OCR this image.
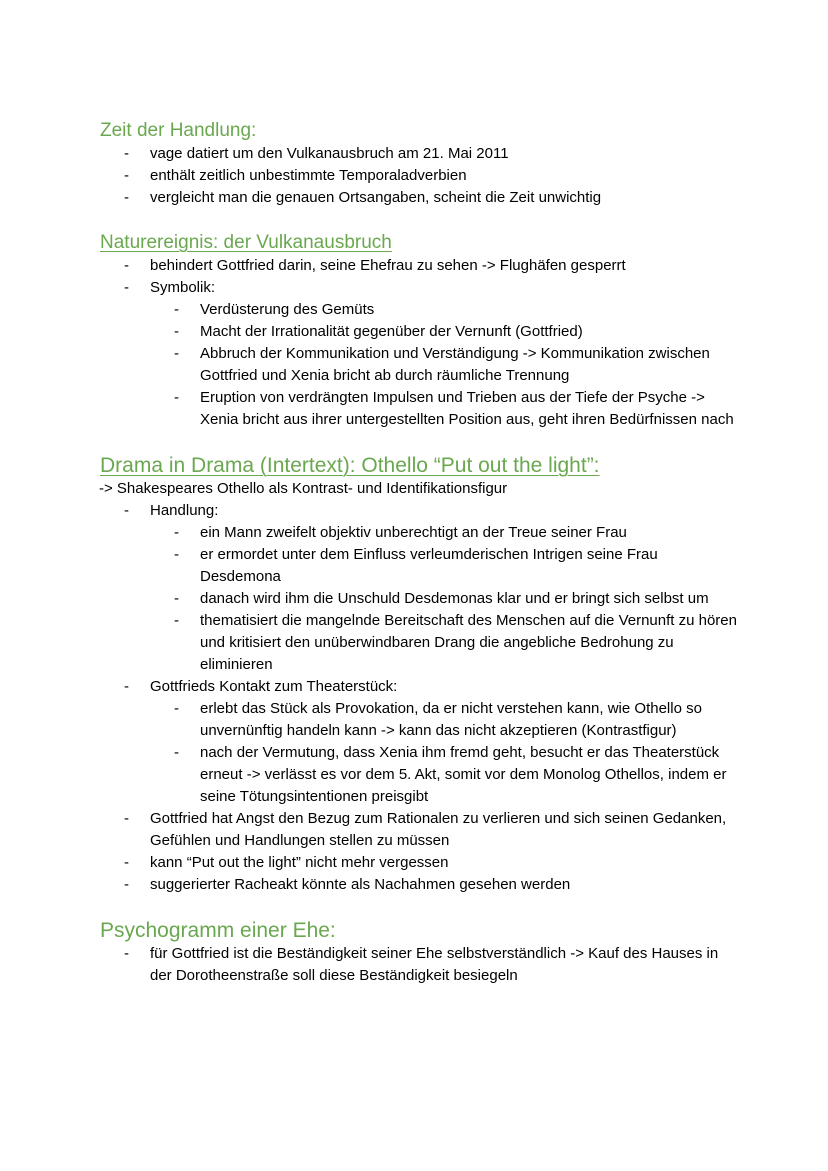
Zeit der Handlung:
- vage datiert um den Vulkanausbruch am 21. Mai 2011
- enthält zeitlich unbestimmte Temporaladverbien
- vergleicht man die genauen Ortsangaben, scheint die Zeit unwichtig
Naturereignis: der Vulkanausbruch
- behindert Gottfried darin, seine Ehefrau zu sehen -> Flughäfen gesperrt
- Symbolik:
- Verdüsterung des Gemüts
- Macht der Irrationalität gegenüber der Vernunft (Gottfried)
- Abbruch der Kommunikation und Verständigung -> Kommunikation zwischen Gottfried und Xenia bricht ab durch räumliche Trennung
- Eruption von verdrängten Impulsen und Trieben aus der Tiefe der Psyche -> Xenia bricht aus ihrer untergestellten Position aus, geht ihren Bedürfnissen nach
Drama in Drama (Intertext): Othello “Put out the light”:
-> Shakespeares Othello als Kontrast- und Identifikationsfigur
- Handlung:
- ein Mann zweifelt objektiv unberechtigt an der Treue seiner Frau
- er ermordet unter dem Einfluss verleumderischen Intrigen seine Frau Desdemona
- danach wird ihm die Unschuld Desdemonas klar und er bringt sich selbst um
- thematisiert die mangelnde Bereitschaft des Menschen auf die Vernunft zu hören und kritisiert den unüberwindbaren Drang die angebliche Bedrohung zu eliminieren
- Gottfrieds Kontakt zum Theaterstück:
- erlebt das Stück als Provokation, da er nicht verstehen kann, wie Othello so unvernünftig handeln kann -> kann das nicht akzeptieren (Kontrastfigur)
- nach der Vermutung, dass Xenia ihm fremd geht, besucht er das Theaterstück erneut -> verlässt es vor dem 5. Akt, somit vor dem Monolog Othellos, indem er seine Tötungsintentionen preisgibt
- Gottfried hat Angst den Bezug zum Rationalen zu verlieren und sich seinen Gedanken, Gefühlen und Handlungen stellen zu müssen
- kann “Put out the light” nicht mehr vergessen
- suggerierter Racheakt könnte als Nachahmen gesehen werden
Psychogramm einer Ehe:
- für Gottfried ist die Beständigkeit seiner Ehe selbstverständlich -> Kauf des Hauses in der Dorotheenstraße soll diese Beständigkeit besiegeln
